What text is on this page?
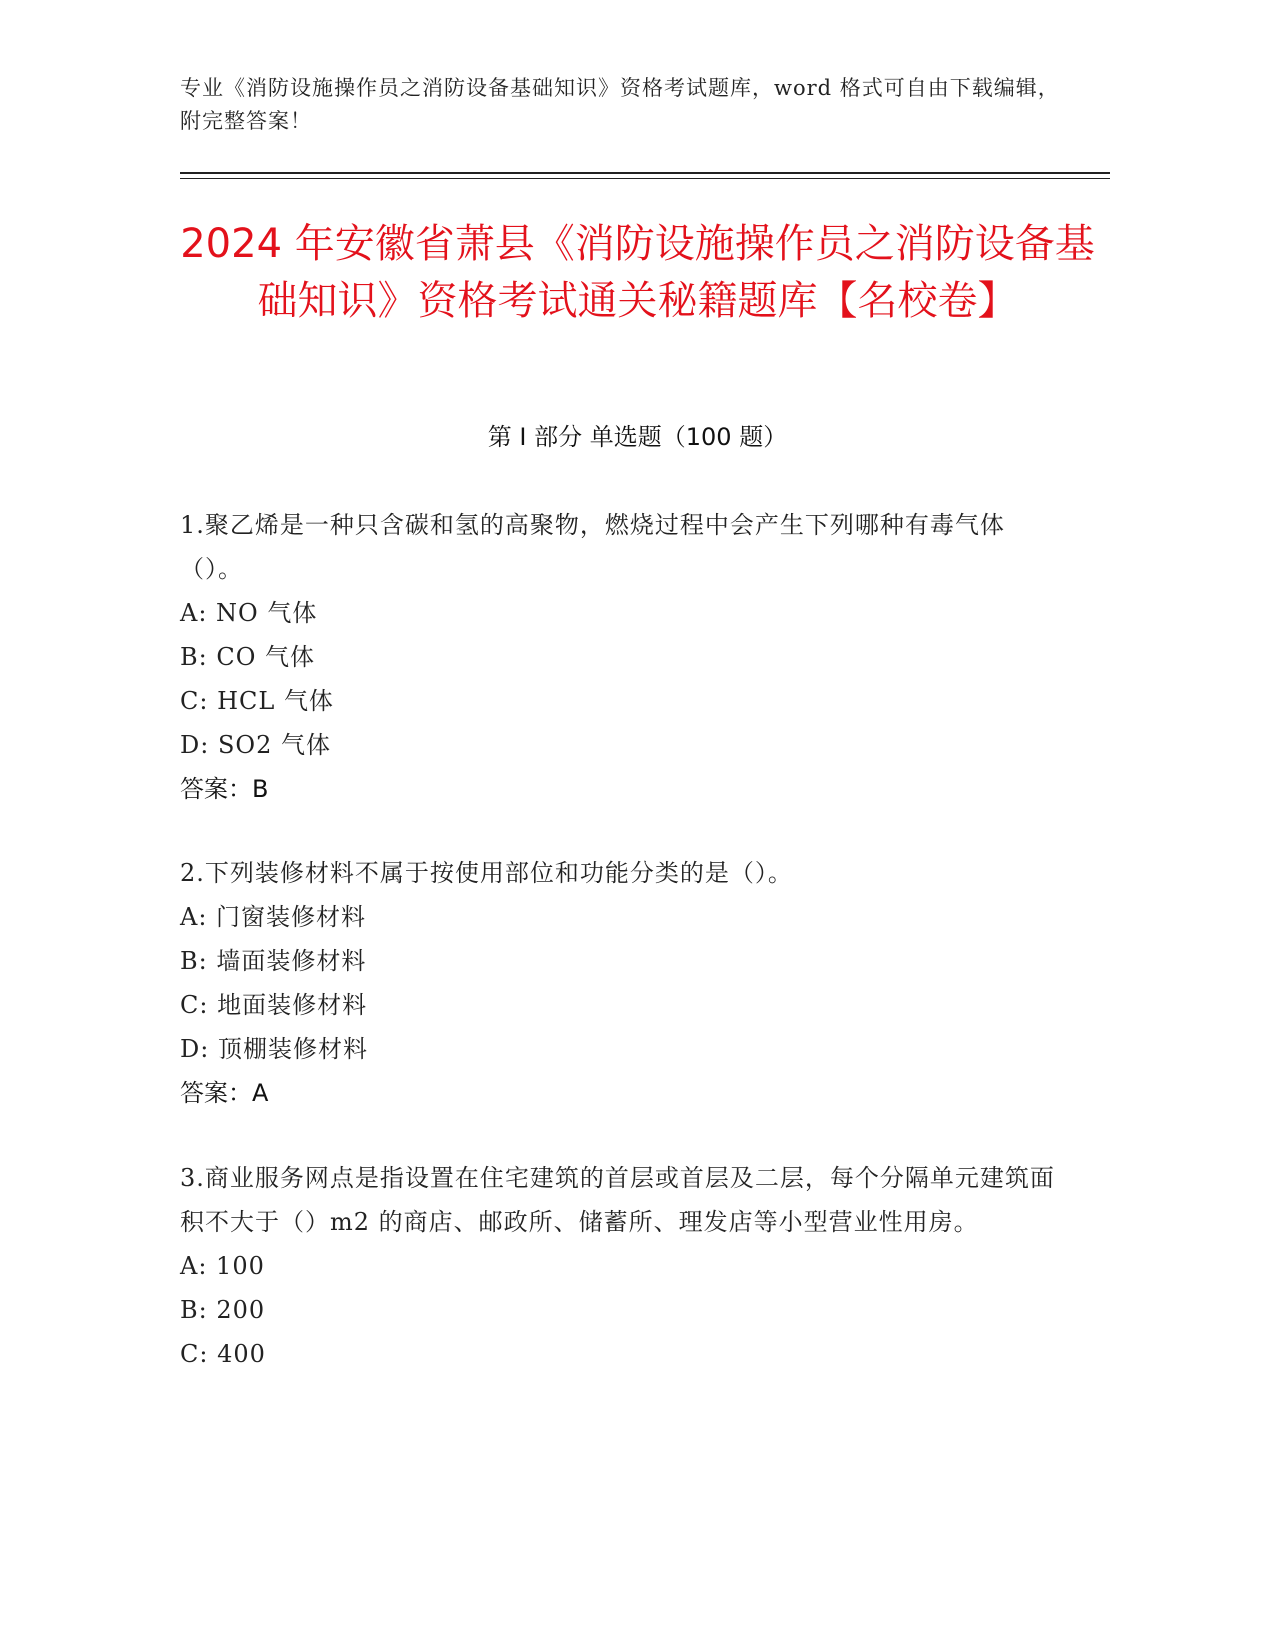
专业《消防设施操作员之消防设备基础知识》资格考试题库，word 格式可自由下载编辑，附完整答案！
2024 年安徽省萧县《消防设施操作员之消防设备基础知识》资格考试通关秘籍题库【名校卷】
第 I 部分 单选题（100 题）
1.聚乙烯是一种只含碳和氢的高聚物，燃烧过程中会产生下列哪种有毒气体（）。
A: NO 气体
B: CO 气体
C: HCL 气体
D: SO2 气体
答案：B
2.下列装修材料不属于按使用部位和功能分类的是（）。
A: 门窗装修材料
B: 墙面装修材料
C: 地面装修材料
D: 顶棚装修材料
答案：A
3.商业服务网点是指设置在住宅建筑的首层或首层及二层，每个分隔单元建筑面积不大于（）m2 的商店、邮政所、储蓄所、理发店等小型营业性用房。
A: 100
B: 200
C: 400
